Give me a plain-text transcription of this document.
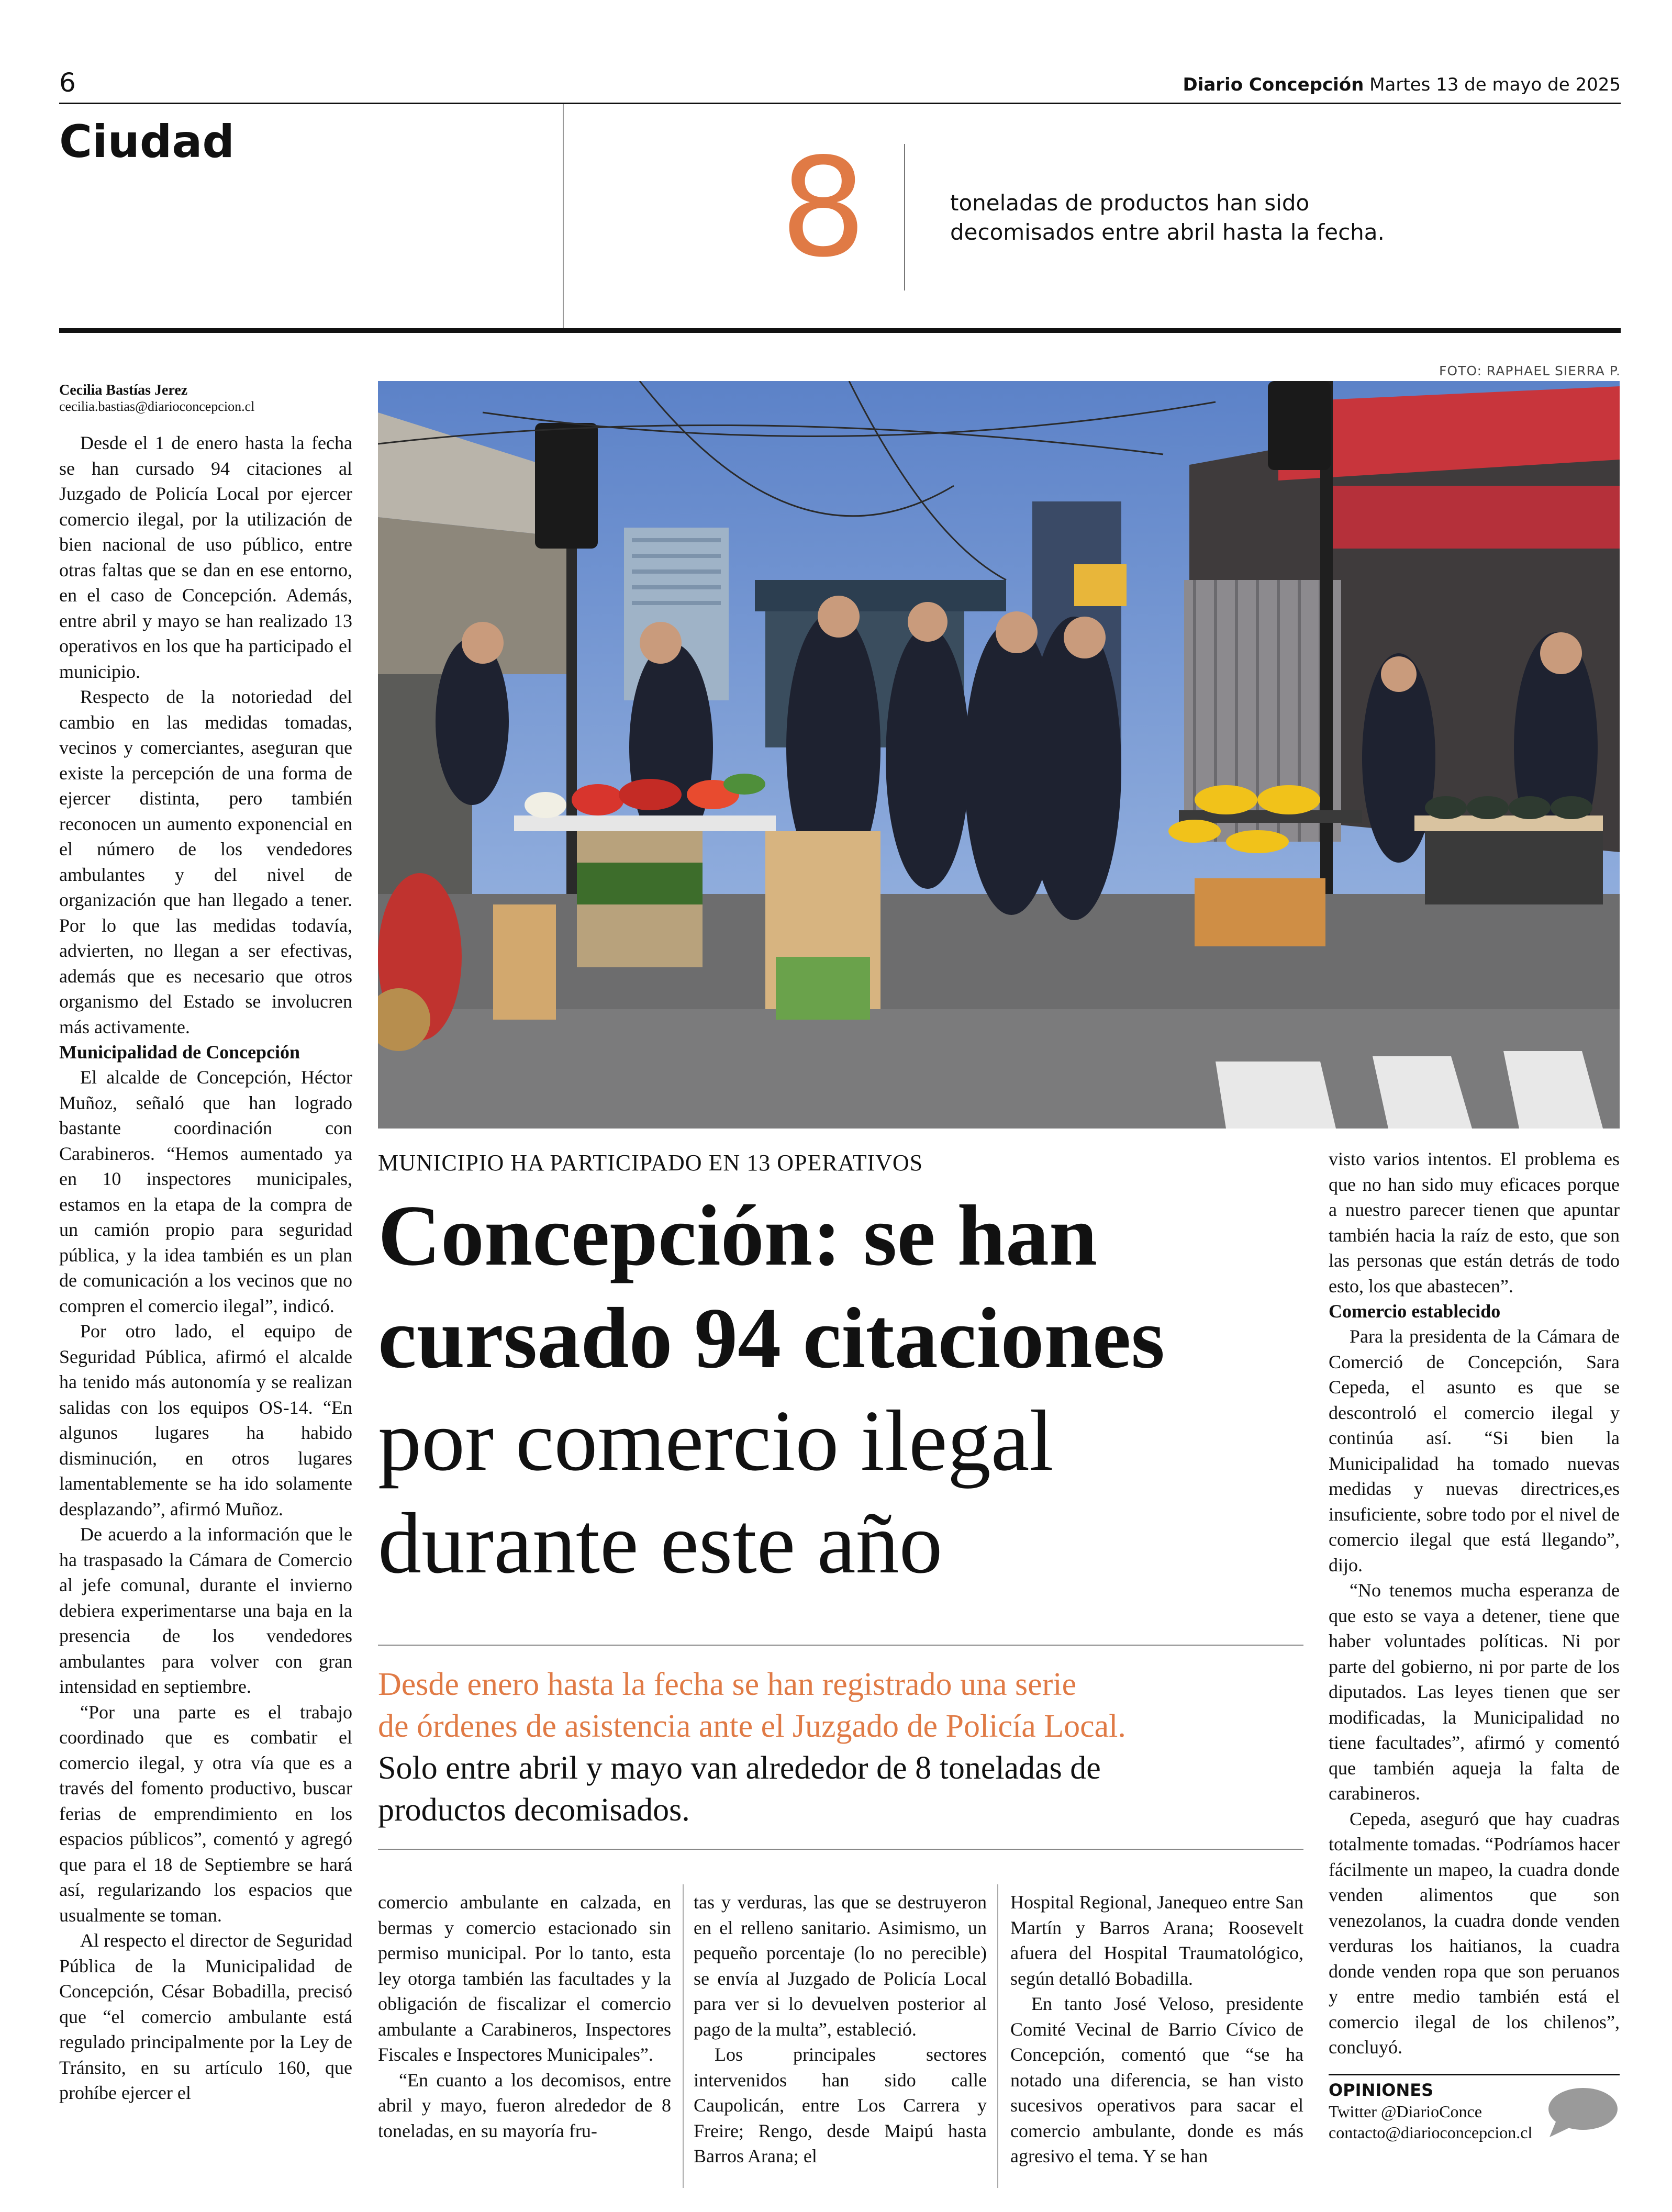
6	Diario Concepción Martes 13 de mayo de 2025
Ciudad	8	toneladas de productos han sido
decomisados entre abril hasta la fecha.
FOTO: RAPHAEL SIERRA P.
Cecilia Bastías Jerez
cecilia.bastias@diarioconcepcion.cl

Desde el 1 de enero hasta la fecha se han cursado 94 citaciones al Juzgado de Policía Local por ejercer comercio ilegal, por la utilización de bien nacional de uso público, entre otras faltas que se dan en ese entorno, en el caso de Concepción. Además, entre abril y mayo se han realizado 13 operativos en los que ha participado el municipio.

Respecto de la notoriedad del cambio en las medidas tomadas, vecinos y comerciantes, aseguran que existe la percepción de una forma de ejercer distinta, pero también reconocen un aumento exponencial en el número de los vendedores ambulantes y del nivel de organización que han llegado a tener. Por lo que las medidas todavía, advierten, no llegan a ser efectivas, además que es necesario que otros organismo del Estado se involucren más activamente.

Municipalidad de Concepción

El alcalde de Concepción, Héctor Muñoz, señaló que han logrado bastante coordinación con Carabineros. “Hemos aumentado ya en 10 inspectores municipales, estamos en la etapa de la compra de un camión propio para seguridad pública, y la idea también es un plan de comunicación a los vecinos que no compren el comercio ilegal”, indicó.

Por otro lado, el equipo de Seguridad Pública, afirmó el alcalde ha tenido más autonomía y se realizan salidas con los equipos OS-14. “En algunos lugares ha habido disminución, en otros lugares lamentablemente se ha ido solamente desplazando”, afirmó Muñoz.

De acuerdo a la información que le ha traspasado la Cámara de Comercio al jefe comunal, durante el invierno debiera experimentarse una baja en la presencia de los vendedores ambulantes para volver con gran intensidad en septiembre.

“Por una parte es el trabajo coordinado que es combatir el comercio ilegal, y otra vía que es a través del fomento productivo, buscar ferias de emprendimiento en los espacios públicos”, comentó y agregó que para el 18 de Septiembre se hará así, regularizando los espacios que usualmente se toman.

Al respecto el director de Seguridad Pública de la Municipalidad de Concepción, César Bobadilla, precisó que “el comercio ambulante está regulado principalmente por la Ley de Tránsito, en su artículo 160, que prohíbe ejercer el

MUNICIPIO HA PARTICIPADO EN 13 OPERATIVOS
Concepción: se han
cursado 94 citaciones
por comercio ilegal
durante este año
Desde enero hasta la fecha se han registrado una serie
de órdenes de asistencia ante el Juzgado de Policía Local.
Solo entre abril y mayo van alrededor de 8 toneladas de
productos decomisados.

comercio ambulante en calzada, en bermas y comercio estacionado sin permiso municipal. Por lo tanto, esta ley otorga también las facultades y la obligación de fiscalizar el comercio ambulante a Carabineros, Inspectores Fiscales e Inspectores Municipales”.

“En cuanto a los decomisos, entre abril y mayo, fueron alrededor de 8 toneladas, en su mayoría fru-

tas y verduras, las que se destruyeron en el relleno sanitario. Asimismo, un pequeño porcentaje (lo no perecible) se envía al Juzgado de Policía Local para ver si lo devuelven posterior al pago de la multa”, estableció.

Los principales sectores intervenidos han sido calle Caupolicán, entre Los Carrera y Freire; Rengo, desde Maipú hasta Barros Arana; el

Hospital Regional, Janequeo entre San Martín y Barros Arana; Roosevelt afuera del Hospital Traumatológico, según detalló Bobadilla.

En tanto José Veloso, presidente Comité Vecinal de Barrio Cívico de Concepción, comentó que “se ha notado una diferencia, se han visto sucesivos operativos para sacar el comercio ambulante, donde es más agresivo el tema. Y se han

visto varios intentos. El problema es que no han sido muy eficaces porque a nuestro parecer tienen que apuntar también hacia la raíz de esto, que son las personas que están detrás de todo esto, los que abastecen”.

Comercio establecido

Para la presidenta de la Cámara de Comerció de Concepción, Sara Cepeda, el asunto es que se descontroló el comercio ilegal y continúa así. “Si bien la Municipalidad ha tomado nuevas medidas y nuevas directrices,es insuficiente, sobre todo por el nivel de comercio ilegal que está llegando”, dijo.

“No tenemos mucha esperanza de que esto se vaya a detener, tiene que haber voluntades políticas. Ni por parte del gobierno, ni por parte de los diputados. Las leyes tienen que ser modificadas, la Municipalidad no tiene facultades”, afirmó y comentó que también aqueja la falta de carabineros.

Cepeda, aseguró que hay cuadras totalmente tomadas. “Podríamos hacer fácilmente un mapeo, la cuadra donde venden alimentos que son venezolanos, la cuadra donde venden verduras los haitianos, la cuadra donde venden ropa que son peruanos y entre medio también está el comercio ilegal de los chilenos”, concluyó.

OPINIONES
Twitter @DiarioConce
contacto@diarioconcepcion.cl
